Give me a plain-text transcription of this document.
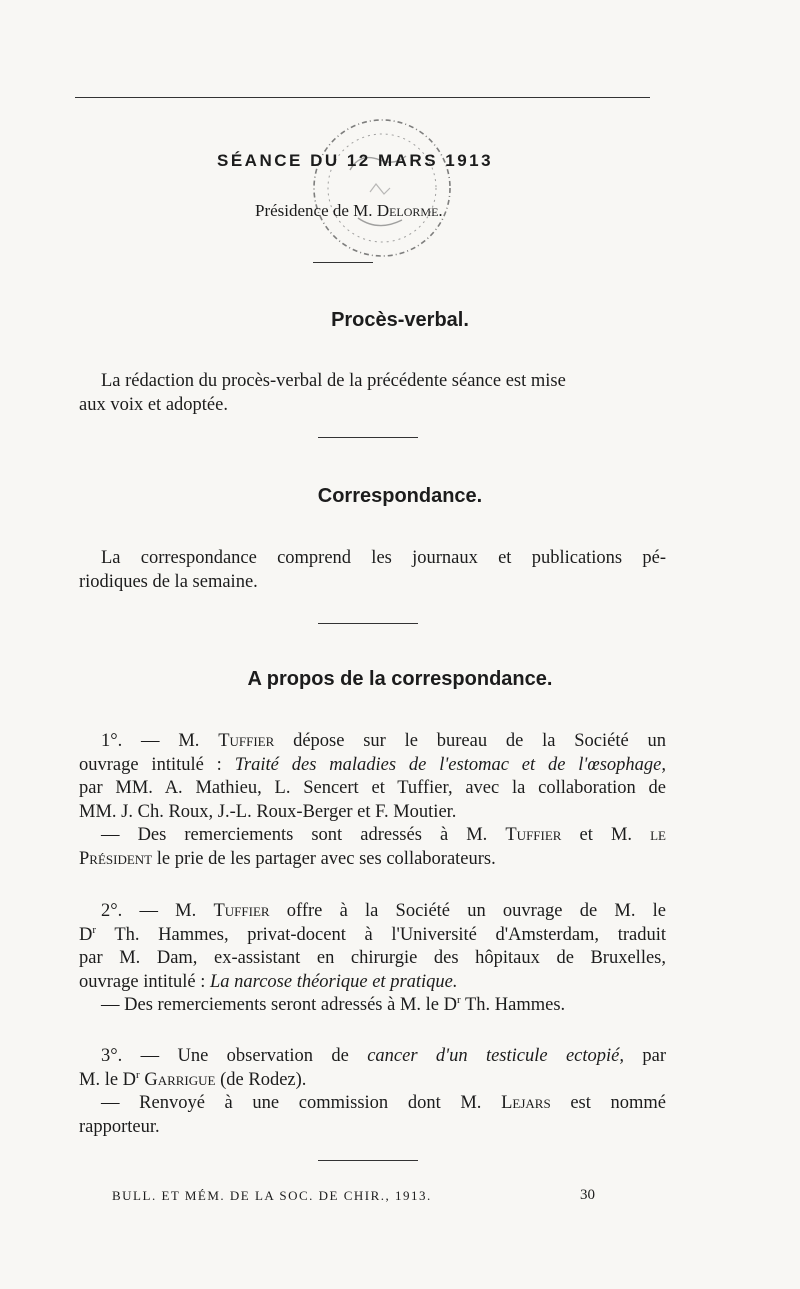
SÉANCE DU 12 MARS 1913
Présidence de M. Delorme.
Procès-verbal.
La rédaction du procès-verbal de la précédente séance est mise
aux voix et adoptée.
Correspondance.
La correspondance comprend les journaux et publications pé-
riodiques de la semaine.
A propos de la correspondance.
1°. — M. Tuffier dépose sur le bureau de la Société un
ouvrage intitulé : Traité des maladies de l'estomac et de l'œsophage,
par MM. A. Mathieu, L. Sencert et Tuffier, avec la collaboration de
MM. J. Ch. Roux, J.-L. Roux-Berger et F. Moutier.
— Des remerciements sont adressés à M. Tuffier et M. le
Président le prie de les partager avec ses collaborateurs.
2°. — M. Tuffier offre à la Société un ouvrage de M. le
$D^r$ Th. Hammes, privat-docent à l'Université d'Amsterdam, traduit
par M. Dam, ex-assistant en chirurgie des hôpitaux de Bruxelles,
ouvrage intitulé : La narcose théorique et pratique.
— Des remerciements seront adressés à M. le $D^r$ Th. Hammes.
3°. — Une observation de cancer d'un testicule ectopié, par
M. le $D^r$ Garrigue (de Rodez).
— Renvoyé à une commission dont M. Lejars est nommé
rapporteur.
BULL. ET MÉM. DE LA SOC. DE CHIR., 1913.	30
